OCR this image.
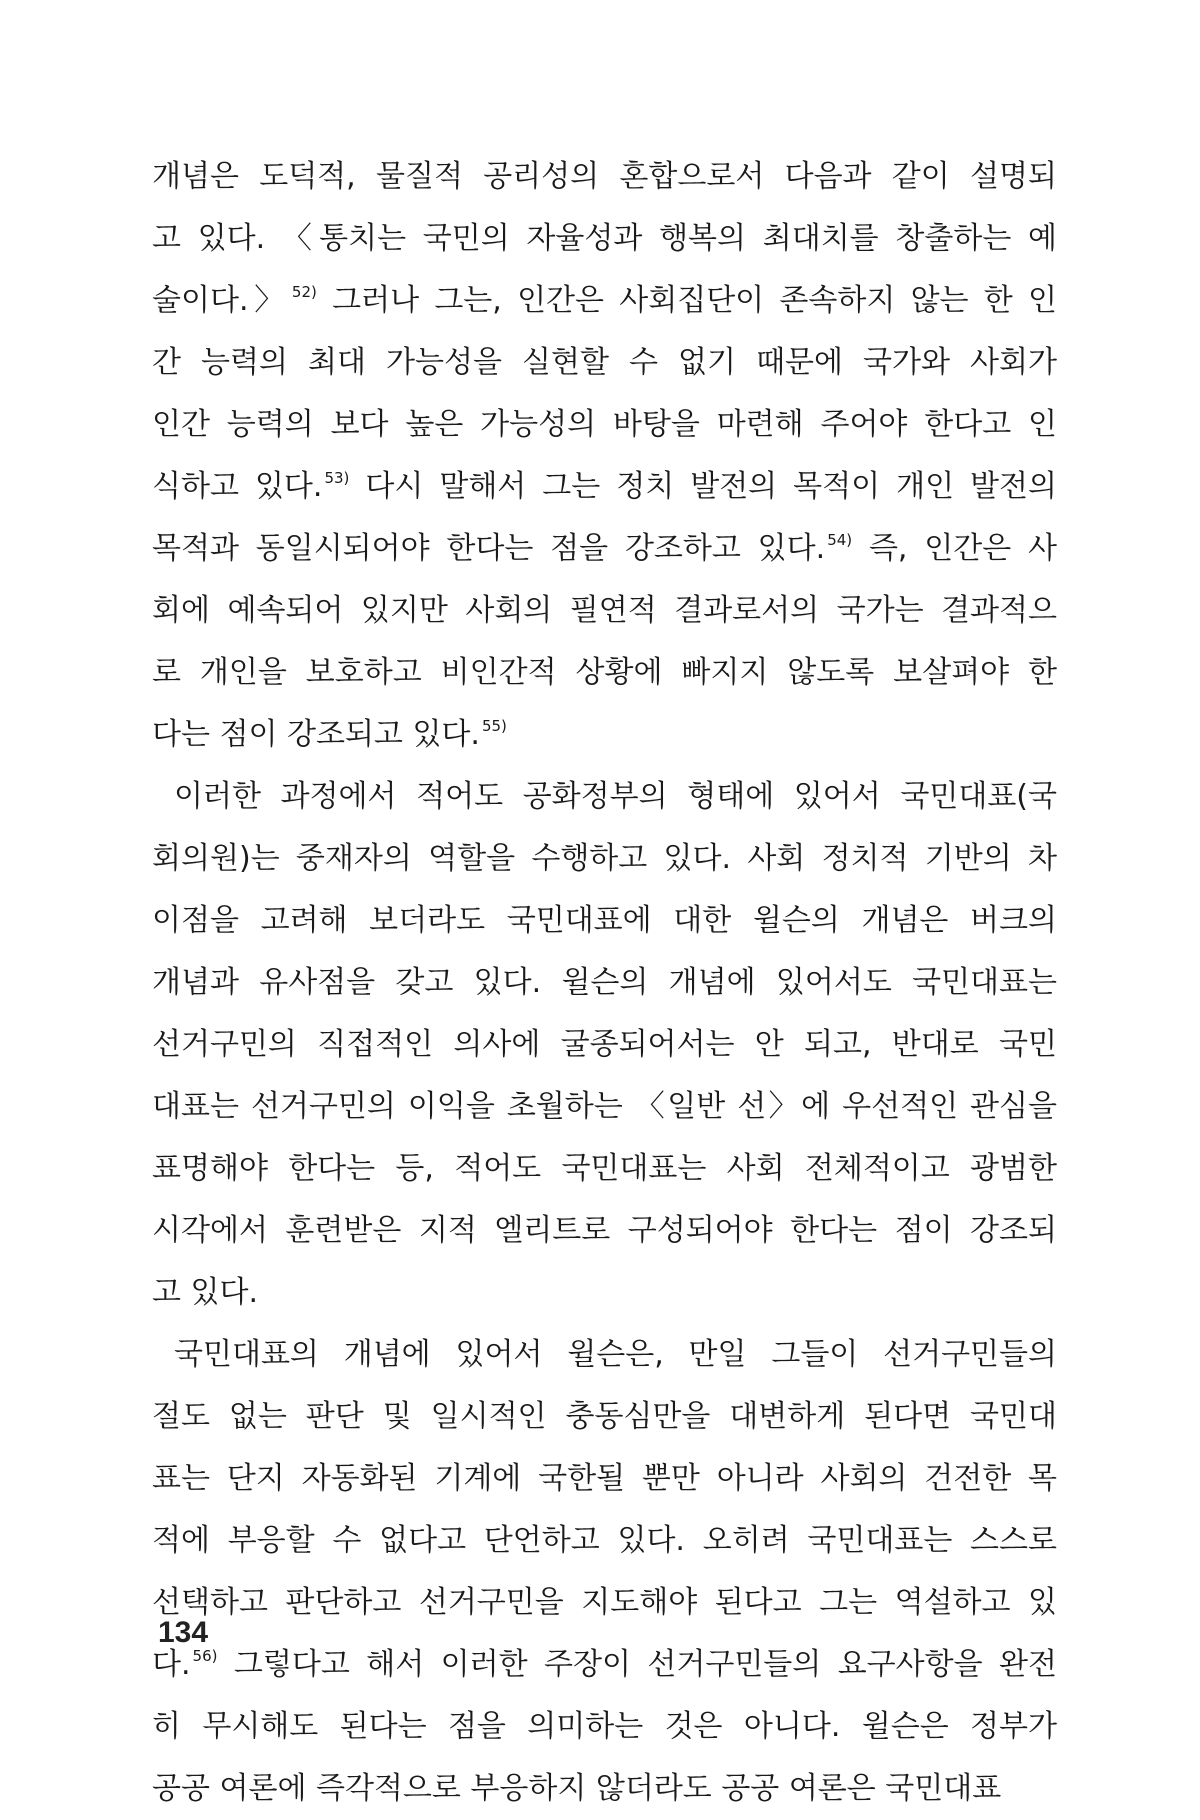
개념은 도덕적, 물질적 공리성의 혼합으로서 다음과 같이 설명되
고 있다. 〈통치는 국민의 자율성과 행복의 최대치를 창출하는 예
술이다.〉 $^{52)}$ 그러나 그는, 인간은 사회집단이 존속하지 않는 한 인
간 능력의 최대 가능성을 실현할 수 없기 때문에 국가와 사회가
인간 능력의 보다 높은 가능성의 바탕을 마련해 주어야 한다고 인
식하고 있다. $^{53)}$ 다시 말해서 그는 정치 발전의 목적이 개인 발전의
목적과 동일시되어야 한다는 점을 강조하고 있다. $^{54)}$ 즉, 인간은 사
회에 예속되어 있지만 사회의 필연적 결과로서의 국가는 결과적으
로 개인을 보호하고 비인간적 상황에 빠지지 않도록 보살펴야 한
다는 점이 강조되고 있다. $^{55)}$
이러한 과정에서 적어도 공화정부의 형태에 있어서 국민대표(국
회의원)는 중재자의 역할을 수행하고 있다. 사회 정치적 기반의 차
이점을 고려해 보더라도 국민대표에 대한 윌슨의 개념은 버크의
개념과 유사점을 갖고 있다. 윌슨의 개념에 있어서도 국민대표는
선거구민의 직접적인 의사에 굴종되어서는 안 되고, 반대로 국민
대표는 선거구민의 이익을 초월하는 〈일반 선〉에 우선적인 관심을
표명해야 한다는 등, 적어도 국민대표는 사회 전체적이고 광범한
시각에서 훈련받은 지적 엘리트로 구성되어야 한다는 점이 강조되
고 있다.
국민대표의 개념에 있어서 윌슨은, 만일 그들이 선거구민들의
절도 없는 판단 및 일시적인 충동심만을 대변하게 된다면 국민대
표는 단지 자동화된 기계에 국한될 뿐만 아니라 사회의 건전한 목
적에 부응할 수 없다고 단언하고 있다. 오히려 국민대표는 스스로
선택하고 판단하고 선거구민을 지도해야 된다고 그는 역설하고 있
다. $^{56)}$ 그렇다고 해서 이러한 주장이 선거구민들의 요구사항을 완전
히 무시해도 된다는 점을 의미하는 것은 아니다. 윌슨은 정부가
공공 여론에 즉각적으로 부응하지 않더라도 공공 여론은 국민대표
134
